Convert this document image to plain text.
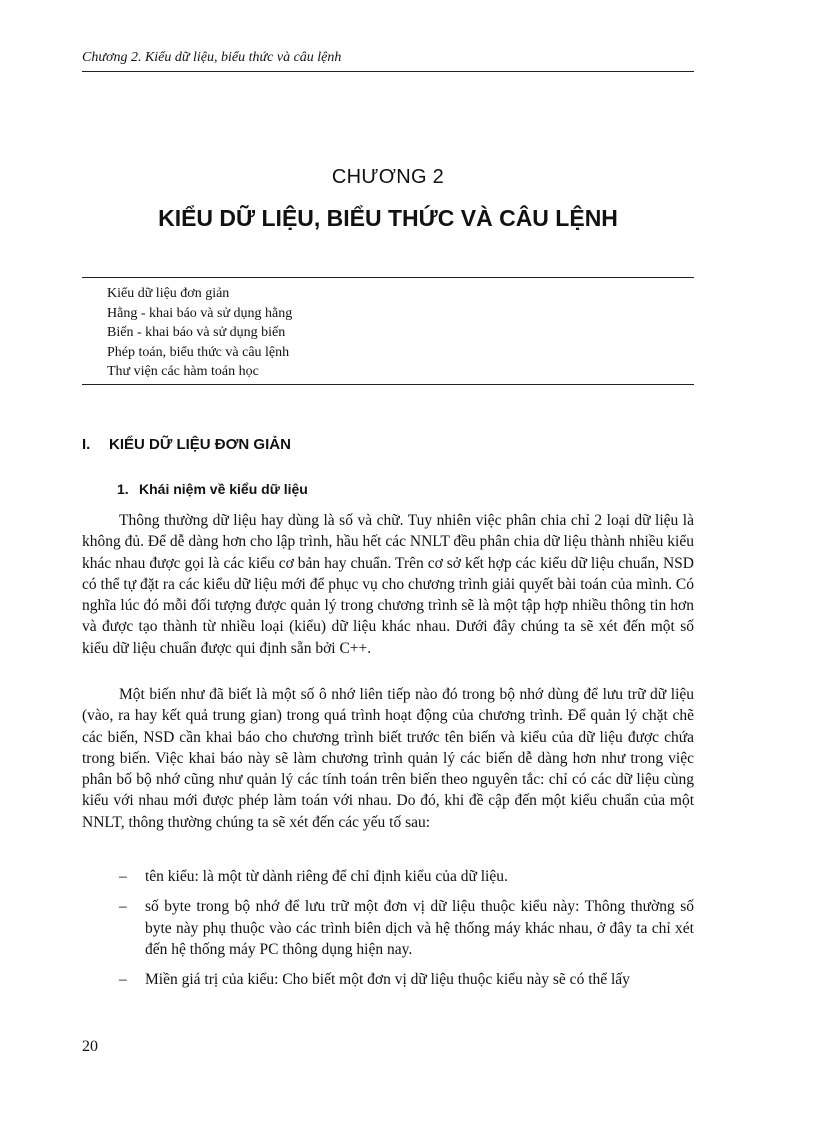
Chương 2. Kiểu dữ liệu, biểu thức và câu lệnh
CHƯƠNG 2
KIỂU DỮ LIỆU, BIỂU THỨC VÀ CÂU LỆNH
Kiểu dữ liệu đơn giản
Hằng - khai báo và sử dụng hằng
Biến - khai báo và sử dụng biến
Phép toán, biểu thức và câu lệnh
Thư viện các hàm toán học
I. KIỂU DỮ LIỆU ĐƠN GIẢN
1. Khái niệm về kiểu dữ liệu

Thông thường dữ liệu hay dùng là số và chữ. Tuy nhiên việc phân chia chỉ 2 loại dữ liệu là không đủ. Để dễ dàng hơn cho lập trình, hầu hết các NNLT đều phân chia dữ liệu thành nhiều kiểu khác nhau được gọi là các kiểu cơ bản hay chuẩn. Trên cơ sở kết hợp các kiểu dữ liệu chuẩn, NSD có thể tự đặt ra các kiểu dữ liệu mới để phục vụ cho chương trình giải quyết bài toán của mình. Có nghĩa lúc đó mỗi đối tượng được quản lý trong chương trình sẽ là một tập hợp nhiều thông tin hơn và được tạo thành từ nhiều loại (kiểu) dữ liệu khác nhau. Dưới đây chúng ta sẽ xét đến một số kiểu dữ liệu chuẩn được qui định sẵn bởi C++.

Một biến như đã biết là một số ô nhớ liên tiếp nào đó trong bộ nhớ dùng để lưu trữ dữ liệu (vào, ra hay kết quả trung gian) trong quá trình hoạt động của chương trình. Để quản lý chặt chẽ các biến, NSD cần khai báo cho chương trình biết trước tên biến và kiểu của dữ liệu được chứa trong biến. Việc khai báo này sẽ làm chương trình quản lý các biến dễ dàng hơn như trong việc phân bố bộ nhớ cũng như quản lý các tính toán trên biến theo nguyên tắc: chỉ có các dữ liệu cùng kiểu với nhau mới được phép làm toán với nhau. Do đó, khi đề cập đến một kiểu chuẩn của một NNLT, thông thường chúng ta sẽ xét đến các yếu tố sau:

– tên kiểu: là một từ dành riêng để chỉ định kiểu của dữ liệu.
– số byte trong bộ nhớ để lưu trữ một đơn vị dữ liệu thuộc kiểu này: Thông thường số byte này phụ thuộc vào các trình biên dịch và hệ thống máy khác nhau, ở đây ta chỉ xét đến hệ thống máy PC thông dụng hiện nay.
– Miền giá trị của kiểu: Cho biết một đơn vị dữ liệu thuộc kiểu này sẽ có thể lấy
20
